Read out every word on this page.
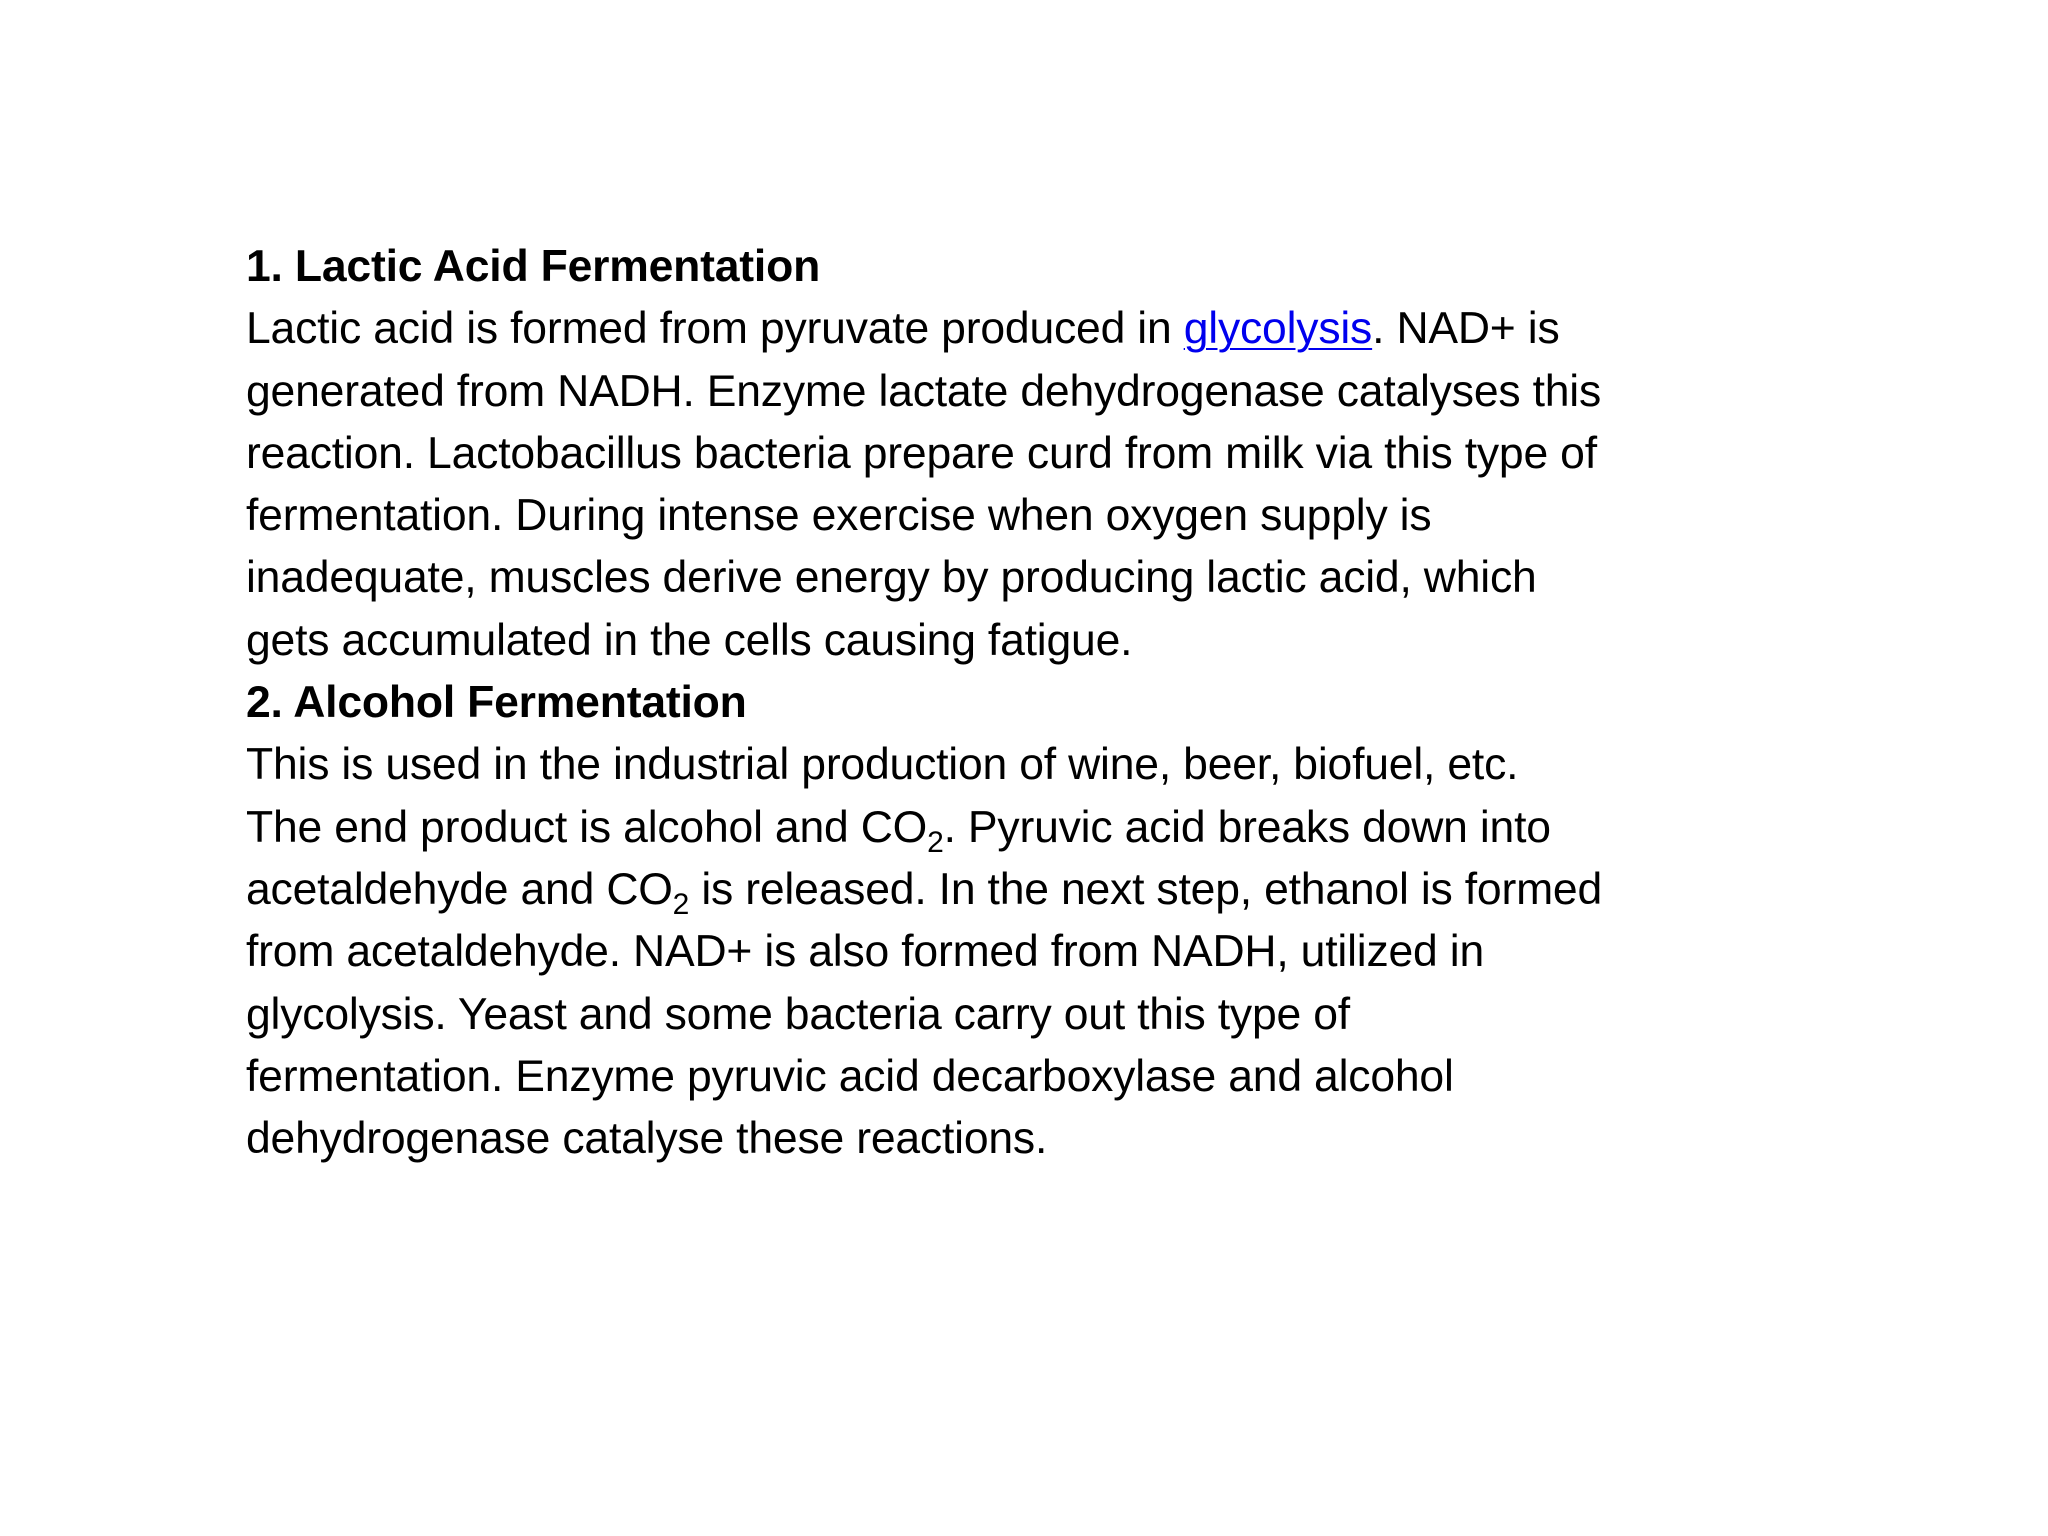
1. Lactic Acid Fermentation
Lactic acid is formed from pyruvate produced in glycolysis. NAD+ is
generated from NADH. Enzyme lactate dehydrogenase catalyses this
reaction. Lactobacillus bacteria prepare curd from milk via this type of
fermentation. During intense exercise when oxygen supply is
inadequate, muscles derive energy by producing lactic acid, which
gets accumulated in the cells causing fatigue.
2. Alcohol Fermentation
This is used in the industrial production of wine, beer, biofuel, etc.
The end product is alcohol and $CO_2$. Pyruvic acid breaks down into
acetaldehyde and $CO_2$ is released. In the next step, ethanol is formed
from acetaldehyde. NAD+ is also formed from NADH, utilized in
glycolysis. Yeast and some bacteria carry out this type of
fermentation. Enzyme pyruvic acid decarboxylase and alcohol
dehydrogenase catalyse these reactions.
